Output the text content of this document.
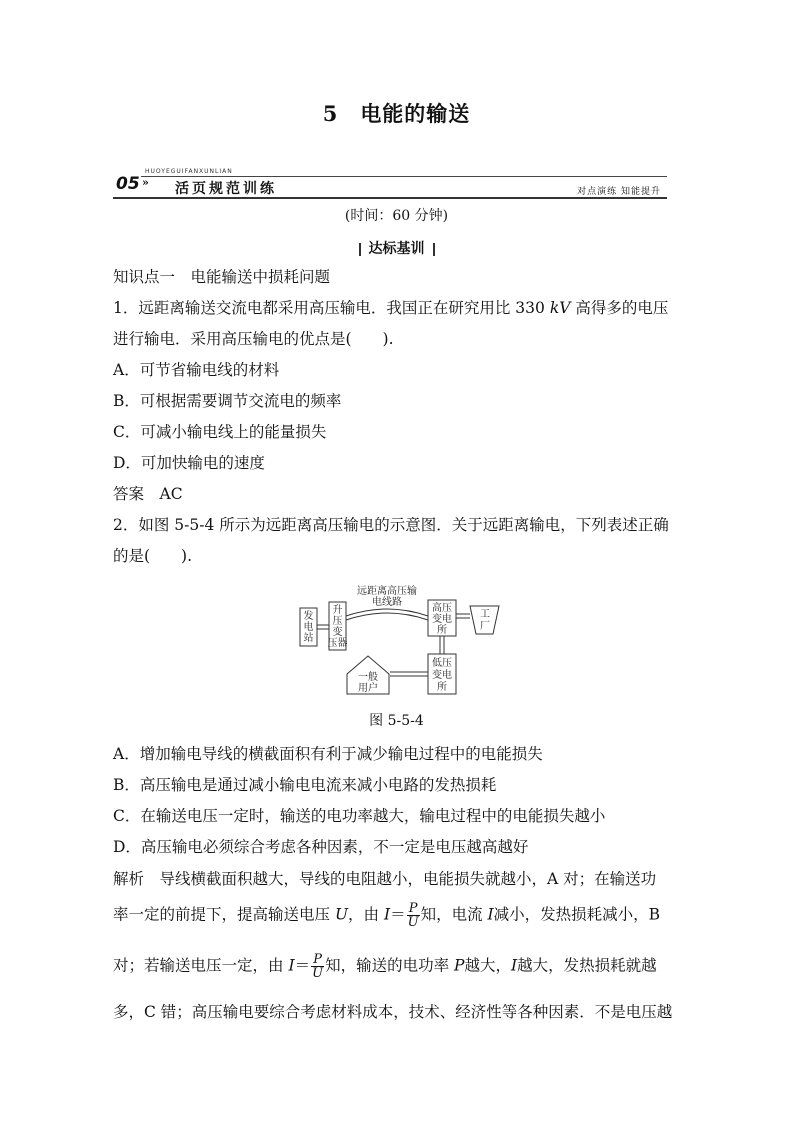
5 电能的输送
HUOYEGUIFANXUNLIAN
05 » 活页规范训练	对点演练 知能提升
(时间：60 分钟)
达标基训
知识点一　电能输送中损耗问题
1．远距离输送交流电都采用高压输电．我国正在研究用比 330 kV 高得多的电压
进行输电．采用高压输电的优点是(　　).
A．可节省输电线的材料
B．可根据需要调节交流电的频率
C．可减小输电线上的能量损失
D．可加快输电的速度
答案　 AC
2．如图 5-5-4 所示为远距离高压输电的示意图．关于远距离输电，下列表述正确
的是(　　).
发
电
站
升
压
变
压器
远距离高压输
电线路
高压
变电
所
工
厂
低压
变电
所
一般
用户
图 5-5-4
A．增加输电导线的横截面积有利于减少输电过程中的电能损失
B．高压输电是通过减小输电电流来减小电路的发热损耗
C．在输送电压一定时，输送的电功率越大，输电过程中的电能损失越小
D．高压输电必须综合考虑各种因素，不一定是电压越高越好
解析　 导线横截面积越大，导线的电阻越小，电能损失就越小，A 对；在输送功
率一定的前提下，提高输送电压 U，由 $I= \frac{P}{U}$ 知，电流 I减小，发热损耗减小，B
对；若输送电压一定，由 $I= \frac{P}{U}$ 知，输送的电功率 P越大，I越大，发热损耗就越
多，C 错；高压输电要综合考虑材料成本，技术、经济性等各种因素．不是电压越
